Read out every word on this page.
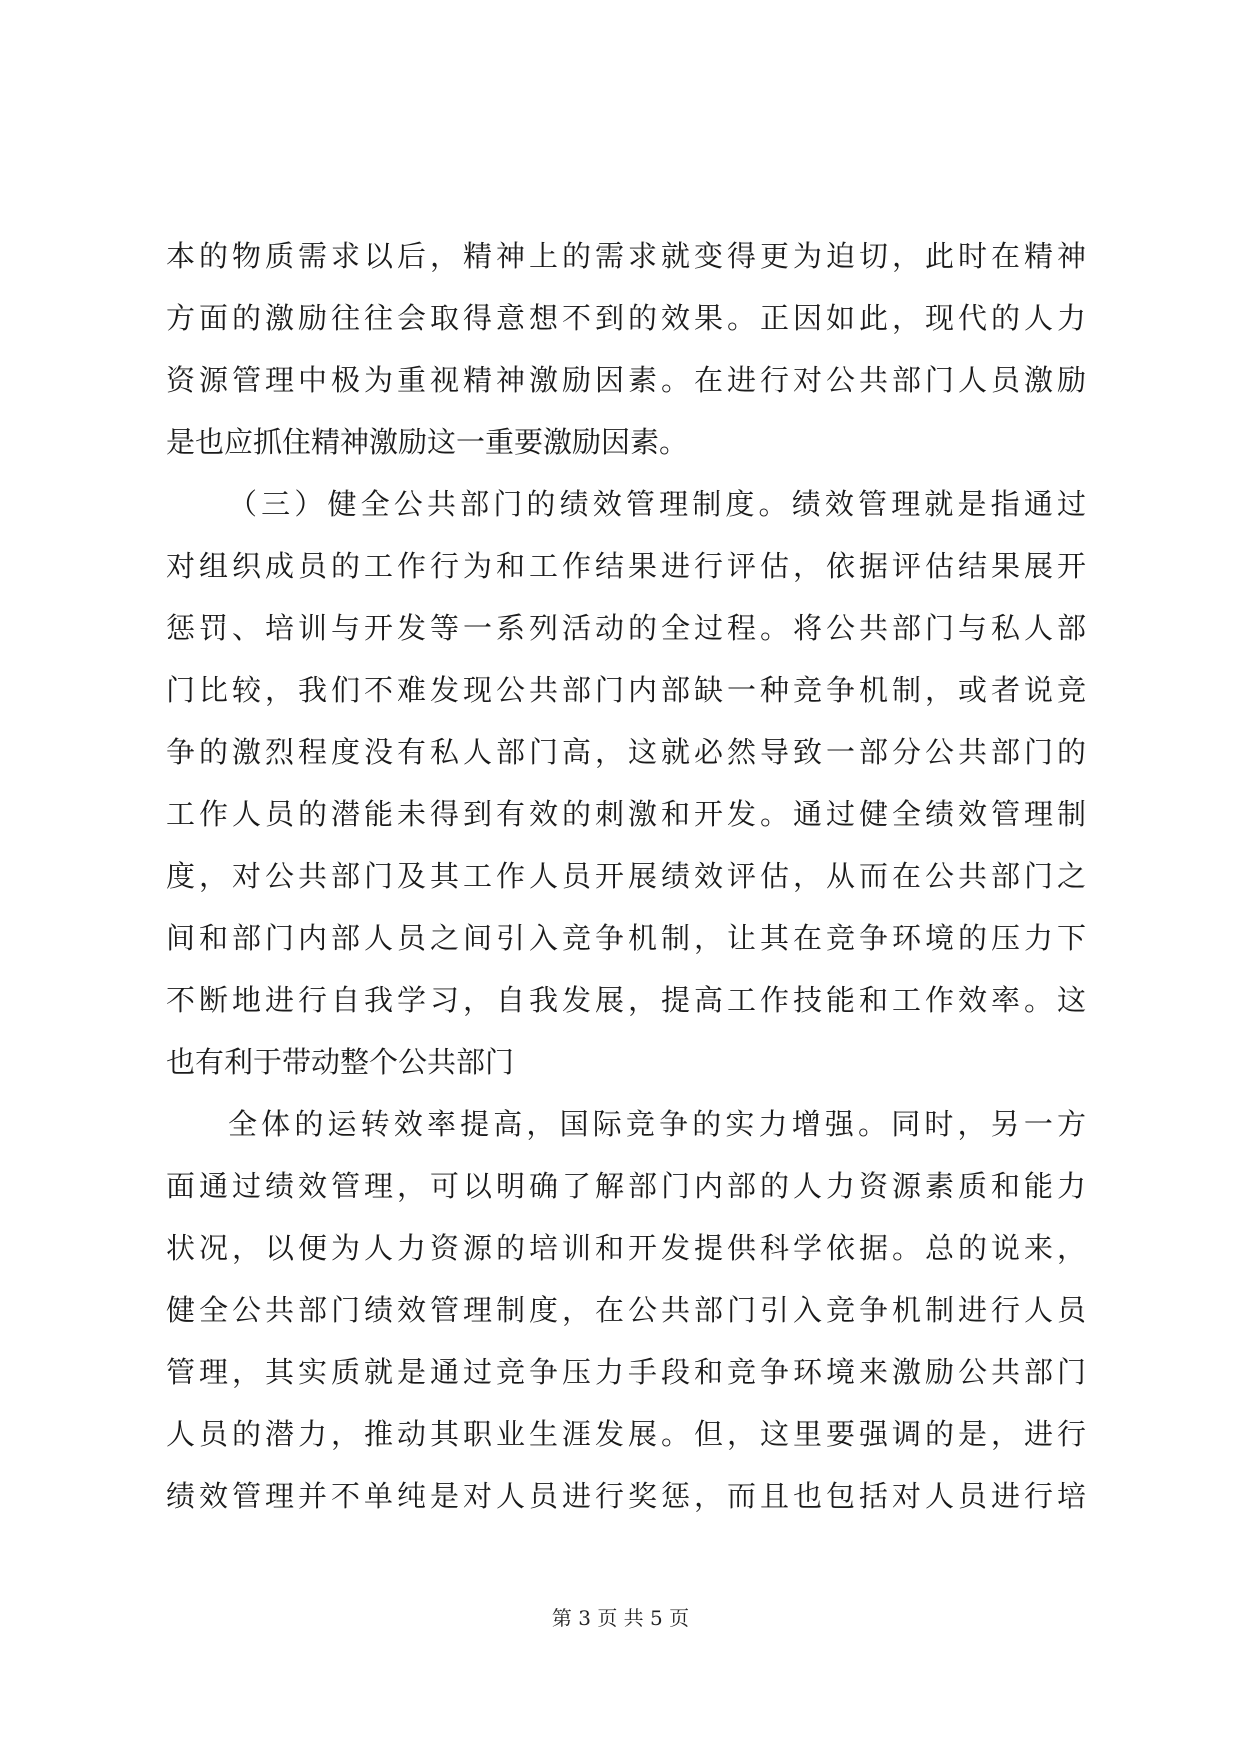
本的物质需求以后，精神上的需求就变得更为迫切，此时在精神
方面的激励往往会取得意想不到的效果。正因如此，现代的人力
资源管理中极为重视精神激励因素。在进行对公共部门人员激励
是也应抓住精神激励这一重要激励因素。
（三）健全公共部门的绩效管理制度。绩效管理就是指通过
对组织成员的工作行为和工作结果进行评估，依据评估结果展开
惩罚、培训与开发等一系列活动的全过程。将公共部门与私人部
门比较，我们不难发现公共部门内部缺一种竞争机制，或者说竞
争的激烈程度没有私人部门高，这就必然导致一部分公共部门的
工作人员的潜能未得到有效的刺激和开发。通过健全绩效管理制
度，对公共部门及其工作人员开展绩效评估，从而在公共部门之
间和部门内部人员之间引入竞争机制，让其在竞争环境的压力下
不断地进行自我学习，自我发展，提高工作技能和工作效率。这
也有利于带动整个公共部门
全体的运转效率提高，国际竞争的实力增强。同时，另一方
面通过绩效管理，可以明确了解部门内部的人力资源素质和能力
状况，以便为人力资源的培训和开发提供科学依据。总的说来，
健全公共部门绩效管理制度，在公共部门引入竞争机制进行人员
管理，其实质就是通过竞争压力手段和竞争环境来激励公共部门
人员的潜力，推动其职业生涯发展。但，这里要强调的是，进行
绩效管理并不单纯是对人员进行奖惩，而且也包括对人员进行培
第 3 页 共 5 页
